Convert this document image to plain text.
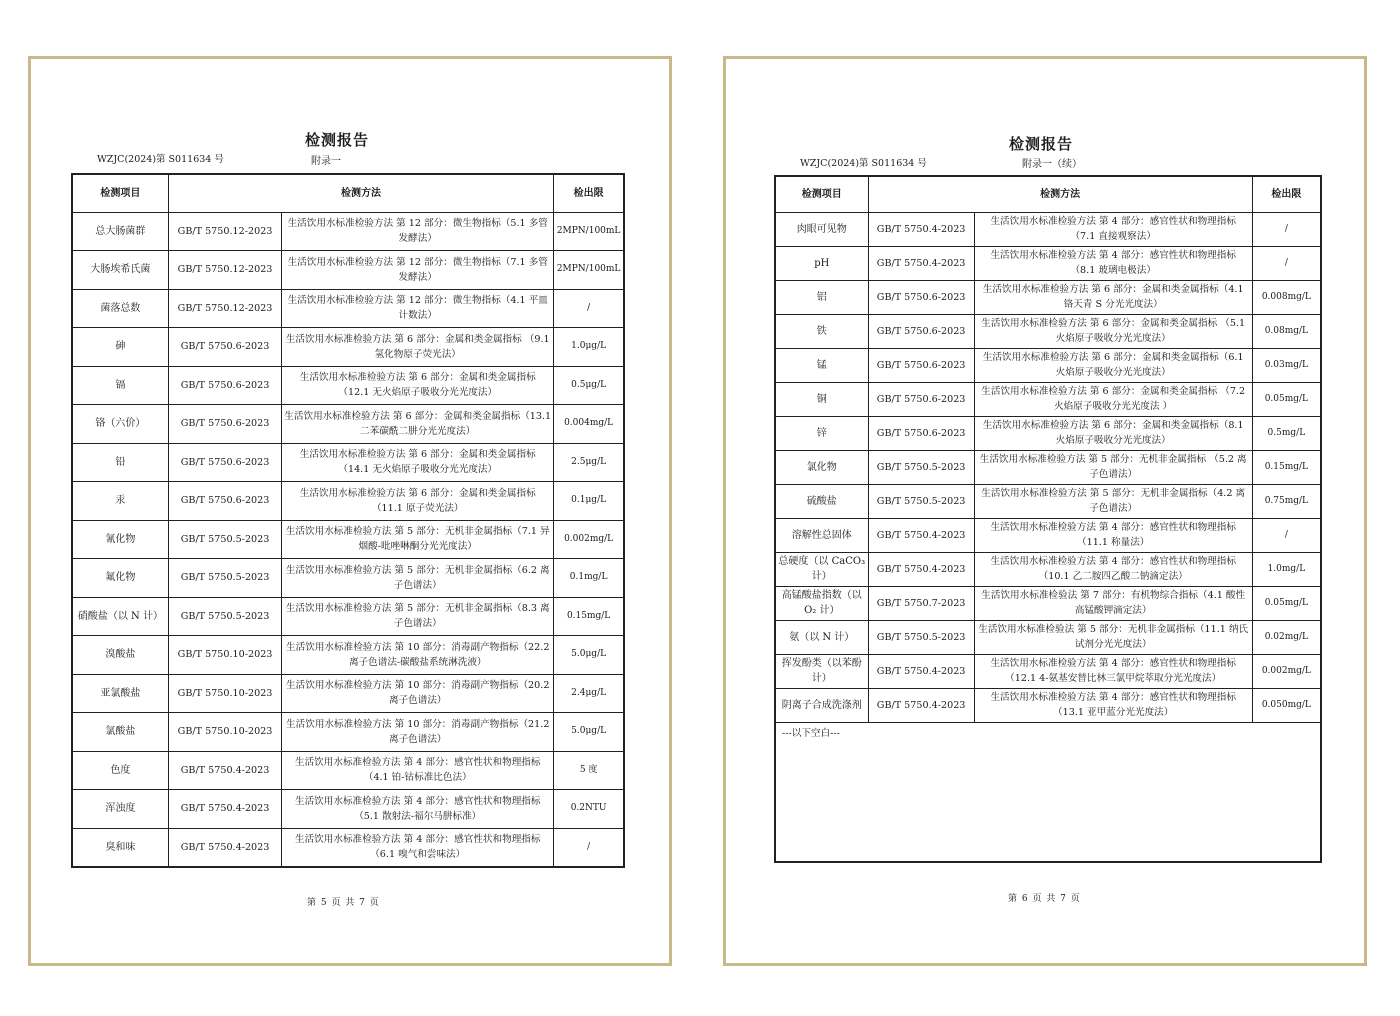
检测报告
WZJC(2024)第 S011634 号	附录一
检测项目	检测方法		检出限
总大肠菌群	GB/T 5750.12-2023	生活饮用水标准检验方法 第 12 部分：微生物指标（5.1 多管发酵法）	2MPN/100mL
大肠埃希氏菌	GB/T 5750.12-2023	生活饮用水标准检验方法 第 12 部分：微生物指标（7.1 多管发酵法）	2MPN/100mL
菌落总数	GB/T 5750.12-2023	生活饮用水标准检验方法 第 12 部分：微生物指标（4.1 平皿计数法）	/
砷	GB/T 5750.6-2023	生活饮用水标准检验方法 第 6 部分：金属和类金属指标 （9.1 氢化物原子荧光法）	1.0μg/L
镉	GB/T 5750.6-2023	生活饮用水标准检验方法 第 6 部分：金属和类金属指标 （12.1 无火焰原子吸收分光光度法）	0.5μg/L
铬（六价）	GB/T 5750.6-2023	生活饮用水标准检验方法 第 6 部分：金属和类金属指标（13.1 二苯碳酰二肼分光光度法）	0.004mg/L
铅	GB/T 5750.6-2023	生活饮用水标准检验方法 第 6 部分：金属和类金属指标 （14.1 无火焰原子吸收分光光度法）	2.5μg/L
汞	GB/T 5750.6-2023	生活饮用水标准检验方法 第 6 部分：金属和类金属指标 （11.1 原子荧光法）	0.1μg/L
氰化物	GB/T 5750.5-2023	生活饮用水标准检验方法 第 5 部分：无机非金属指标（7.1 异烟酸-吡唑啉酮分光光度法）	0.002mg/L
氟化物	GB/T 5750.5-2023	生活饮用水标准检验方法 第 5 部分：无机非金属指标（6.2 离子色谱法）	0.1mg/L
硝酸盐（以 N 计）	GB/T 5750.5-2023	生活饮用水标准检验方法 第 5 部分：无机非金属指标（8.3 离子色谱法）	0.15mg/L
溴酸盐	GB/T 5750.10-2023	生活饮用水标准检验方法 第 10 部分：消毒副产物指标（22.2 离子色谱法-碳酸盐系统淋洗液）	5.0μg/L
亚氯酸盐	GB/T 5750.10-2023	生活饮用水标准检验方法 第 10 部分：消毒副产物指标（20.2 离子色谱法）	2.4μg/L
氯酸盐	GB/T 5750.10-2023	生活饮用水标准检验方法 第 10 部分：消毒副产物指标（21.2 离子色谱法）	5.0μg/L
色度	GB/T 5750.4-2023	生活饮用水标准检验方法 第 4 部分：感官性状和物理指标 （4.1 铂-钴标准比色法）	5 度
浑浊度	GB/T 5750.4-2023	生活饮用水标准检验方法 第 4 部分：感官性状和物理指标 （5.1 散射法-福尔马肼标准）	0.2NTU
臭和味	GB/T 5750.4-2023	生活饮用水标准检验方法 第 4 部分：感官性状和物理指标 （6.1 嗅气和尝味法）	/
第 5 页 共 7 页
检测报告
WZJC(2024)第 S011634 号	附录一（续）
检测项目	检测方法		检出限
肉眼可见物	GB/T 5750.4-2023	生活饮用水标准检验方法 第 4 部分：感官性状和物理指标 （7.1 直接观察法）	/
pH	GB/T 5750.4-2023	生活饮用水标准检验方法 第 4 部分：感官性状和物理指标 （8.1 玻璃电极法）	/
铝	GB/T 5750.6-2023	生活饮用水标准检验方法 第 6 部分：金属和类金属指标（4.1 铬天青 S 分光光度法）	0.008mg/L
铁	GB/T 5750.6-2023	生活饮用水标准检验方法 第 6 部分：金属和类金属指标 （5.1 火焰原子吸收分光光度法）	0.08mg/L
锰	GB/T 5750.6-2023	生活饮用水标准检验方法 第 6 部分：金属和类金属指标（6.1 火焰原子吸收分光光度法）	0.03mg/L
铜	GB/T 5750.6-2023	生活饮用水标准检验方法 第 6 部分：金属和类金属指标 （7.2 火焰原子吸收分光光度法 ）	0.05mg/L
锌	GB/T 5750.6-2023	生活饮用水标准检验方法 第 6 部分：金属和类金属指标（8.1 火焰原子吸收分光光度法）	0.5mg/L
氯化物	GB/T 5750.5-2023	生活饮用水标准检验方法 第 5 部分：无机非金属指标 （5.2 离子色谱法）	0.15mg/L
硫酸盐	GB/T 5750.5-2023	生活饮用水标准检验方法 第 5 部分：无机非金属指标（4.2 离子色谱法）	0.75mg/L
溶解性总固体	GB/T 5750.4-2023	生活饮用水标准检验方法 第 4 部分：感官性状和物理指标（11.1 称量法）	/
总硬度（以 CaCO₃ 计）	GB/T 5750.4-2023	生活饮用水标准检验方法 第 4 部分：感官性状和物理指标（10.1 乙二胺四乙酸二钠滴定法）	1.0mg/L
高锰酸盐指数（以 O₂ 计）	GB/T 5750.7-2023	生活饮用水标准检验法 第 7 部分：有机物综合指标（4.1 酸性高锰酸钾滴定法）	0.05mg/L
氨（以 N 计）	GB/T 5750.5-2023	生活饮用水标准检验法 第 5 部分：无机非金属指标（11.1 纳氏试剂分光光度法）	0.02mg/L
挥发酚类（以苯酚计）	GB/T 5750.4-2023	生活饮用水标准检验方法 第 4 部分：感官性状和物理指标（12.1 4-氨基安替比林三氯甲烷萃取分光光度法）	0.002mg/L
阴离子合成洗涤剂	GB/T 5750.4-2023	生活饮用水标准检验方法 第 4 部分：感官性状和物理指标（13.1 亚甲蓝分光光度法）	0.050mg/L
---以下空白---			
第 6 页 共 7 页
